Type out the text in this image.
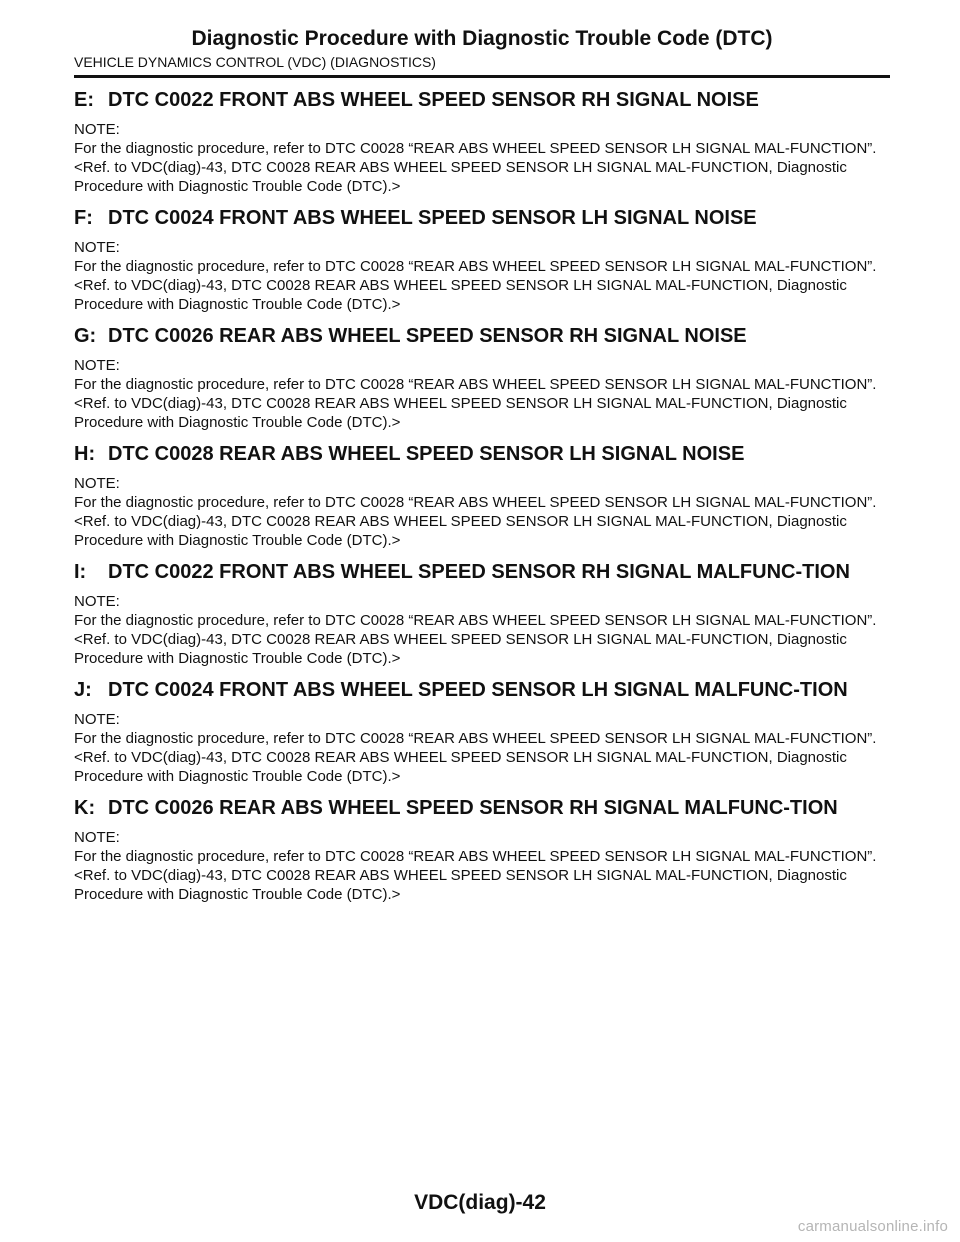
Diagnostic Procedure with Diagnostic Trouble Code (DTC)
VEHICLE DYNAMICS CONTROL (VDC) (DIAGNOSTICS)
E: DTC C0022 FRONT ABS WHEEL SPEED SENSOR RH SIGNAL NOISE
NOTE:
For the diagnostic procedure, refer to DTC C0028 “REAR ABS WHEEL SPEED SENSOR LH SIGNAL MAL-FUNCTION”. <Ref. to VDC(diag)-43, DTC C0028 REAR ABS WHEEL SPEED SENSOR LH SIGNAL MAL-FUNCTION, Diagnostic Procedure with Diagnostic Trouble Code (DTC).>
F: DTC C0024 FRONT ABS WHEEL SPEED SENSOR LH SIGNAL NOISE
NOTE:
For the diagnostic procedure, refer to DTC C0028 “REAR ABS WHEEL SPEED SENSOR LH SIGNAL MAL-FUNCTION”. <Ref. to VDC(diag)-43, DTC C0028 REAR ABS WHEEL SPEED SENSOR LH SIGNAL MAL-FUNCTION, Diagnostic Procedure with Diagnostic Trouble Code (DTC).>
G: DTC C0026 REAR ABS WHEEL SPEED SENSOR RH SIGNAL NOISE
NOTE:
For the diagnostic procedure, refer to DTC C0028 “REAR ABS WHEEL SPEED SENSOR LH SIGNAL MAL-FUNCTION”. <Ref. to VDC(diag)-43, DTC C0028 REAR ABS WHEEL SPEED SENSOR LH SIGNAL MAL-FUNCTION, Diagnostic Procedure with Diagnostic Trouble Code (DTC).>
H: DTC C0028 REAR ABS WHEEL SPEED SENSOR LH SIGNAL NOISE
NOTE:
For the diagnostic procedure, refer to DTC C0028 “REAR ABS WHEEL SPEED SENSOR LH SIGNAL MAL-FUNCTION”. <Ref. to VDC(diag)-43, DTC C0028 REAR ABS WHEEL SPEED SENSOR LH SIGNAL MAL-FUNCTION, Diagnostic Procedure with Diagnostic Trouble Code (DTC).>
I:	DTC C0022 FRONT ABS WHEEL SPEED SENSOR RH SIGNAL MALFUNC-TION
NOTE:
For the diagnostic procedure, refer to DTC C0028 “REAR ABS WHEEL SPEED SENSOR LH SIGNAL MAL-FUNCTION”. <Ref. to VDC(diag)-43, DTC C0028 REAR ABS WHEEL SPEED SENSOR LH SIGNAL MAL-FUNCTION, Diagnostic Procedure with Diagnostic Trouble Code (DTC).>
J: DTC C0024 FRONT ABS WHEEL SPEED SENSOR LH SIGNAL MALFUNC-TION
NOTE:
For the diagnostic procedure, refer to DTC C0028 “REAR ABS WHEEL SPEED SENSOR LH SIGNAL MAL-FUNCTION”. <Ref. to VDC(diag)-43, DTC C0028 REAR ABS WHEEL SPEED SENSOR LH SIGNAL MAL-FUNCTION, Diagnostic Procedure with Diagnostic Trouble Code (DTC).>
K: DTC C0026 REAR ABS WHEEL SPEED SENSOR RH SIGNAL MALFUNC-TION
NOTE:
For the diagnostic procedure, refer to DTC C0028 “REAR ABS WHEEL SPEED SENSOR LH SIGNAL MAL-FUNCTION”. <Ref. to VDC(diag)-43, DTC C0028 REAR ABS WHEEL SPEED SENSOR LH SIGNAL MAL-FUNCTION, Diagnostic Procedure with Diagnostic Trouble Code (DTC).>
VDC(diag)-42
carmanualsonline.info
